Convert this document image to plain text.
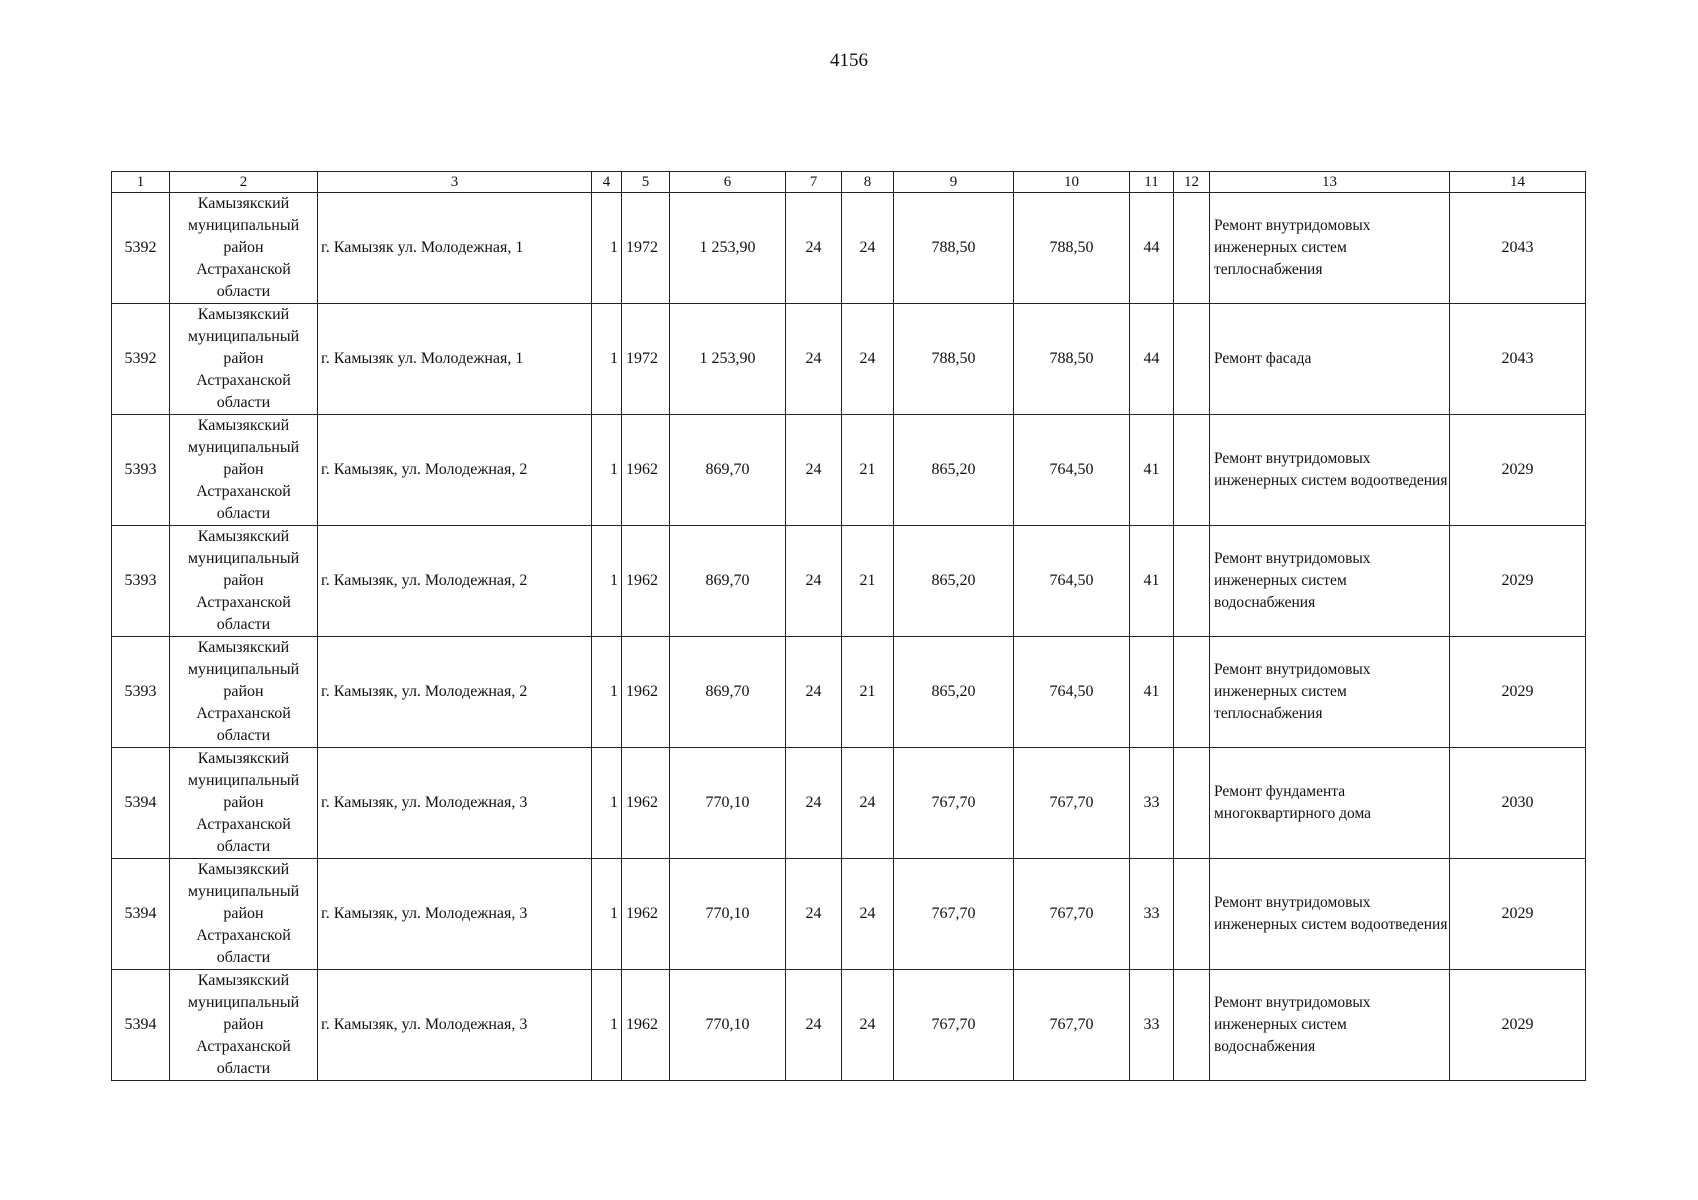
4156
1	2	3	4	5	6	7	8	9	10	11	12	13	14
5392	Камызякский
муниципальный
район
Астраханской
области	г. Камызяк ул. Молодежная, 1	1	1972	1 253,90	24	24	788,50	788,50	44		Ремонт внутридомовых инженерных систем теплоснабжения	2043
5392	Камызякский
муниципальный
район
Астраханской
области	г. Камызяк ул. Молодежная, 1	1	1972	1 253,90	24	24	788,50	788,50	44		Ремонт фасада	2043
5393	Камызякский
муниципальный
район
Астраханской
области	г. Камызяк, ул. Молодежная, 2	1	1962	869,70	24	21	865,20	764,50	41		Ремонт внутридомовых инженерных систем водоотведения	2029
5393	Камызякский
муниципальный
район
Астраханской
области	г. Камызяк, ул. Молодежная, 2	1	1962	869,70	24	21	865,20	764,50	41		Ремонт внутридомовых инженерных систем водоснабжения	2029
5393	Камызякский
муниципальный
район
Астраханской
области	г. Камызяк, ул. Молодежная, 2	1	1962	869,70	24	21	865,20	764,50	41		Ремонт внутридомовых инженерных систем теплоснабжения	2029
5394	Камызякский
муниципальный
район
Астраханской
области	г. Камызяк, ул. Молодежная, 3	1	1962	770,10	24	24	767,70	767,70	33		Ремонт фундамента многоквартирного дома	2030
5394	Камызякский
муниципальный
район
Астраханской
области	г. Камызяк, ул. Молодежная, 3	1	1962	770,10	24	24	767,70	767,70	33		Ремонт внутридомовых инженерных систем водоотведения	2029
5394	Камызякский
муниципальный
район
Астраханской
области	г. Камызяк, ул. Молодежная, 3	1	1962	770,10	24	24	767,70	767,70	33		Ремонт внутридомовых инженерных систем водоснабжения	2029
